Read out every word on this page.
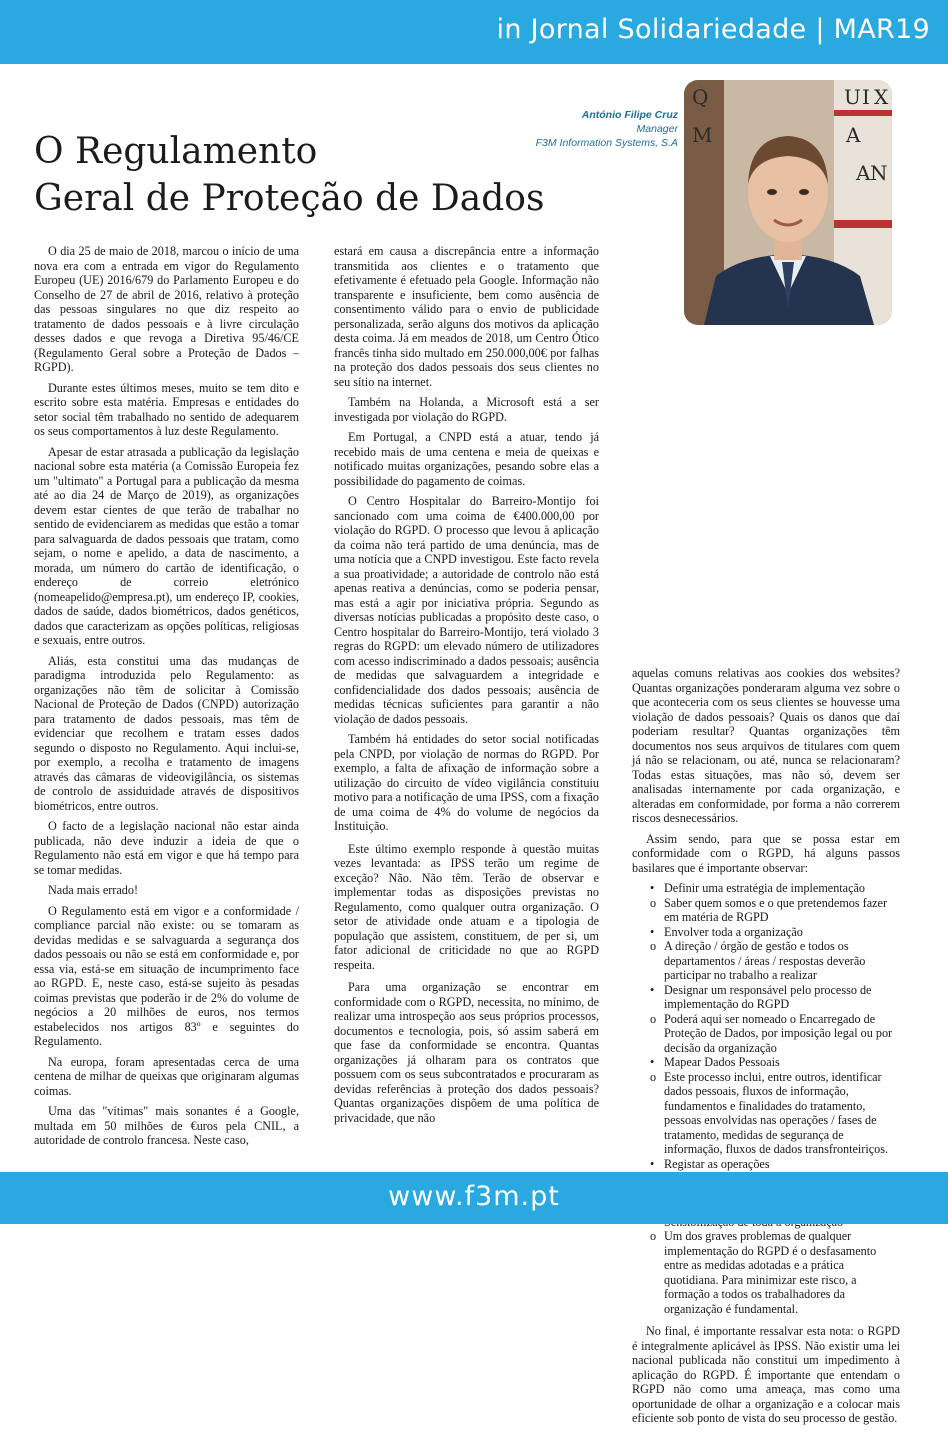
in Jornal Solidariedade | MAR19
O Regulamento
Geral de Proteção de Dados
António Filipe Cruz
Manager
F3M Information Systems, S.A
Q	U I X
A
M
A N

O dia 25 de maio de 2018, marcou o início de uma nova era com a entrada em vigor do Regulamento Europeu (UE) 2016/679 do Parlamento Europeu e do Conselho de 27 de abril de 2016, relativo à proteção das pessoas singulares no que diz respeito ao tratamento de dados pessoais e à livre circulação desses dados e que revoga a Diretiva 95/46/CE (Regulamento Geral sobre a Proteção de Dados – RGPD).

Durante estes últimos meses, muito se tem dito e escrito sobre esta matéria. Empresas e entidades do setor social têm trabalhado no sentido de adequarem os seus comportamentos à luz deste Regulamento.

Apesar de estar atrasada a publicação da legislação nacional sobre esta matéria (a Comissão Europeia fez um "ultimato" a Portugal para a publicação da mesma até ao dia 24 de Março de 2019), as organizações devem estar cientes de que terão de trabalhar no sentido de evidenciarem as medidas que estão a tomar para salvaguarda de dados pessoais que tratam, como sejam, o nome e apelido, a data de nascimento, a morada, um número do cartão de identificação, o endereço de correio eletrónico (nomeapelido@empresa.pt), um endereço IP, cookies, dados de saúde, dados biométricos, dados genéticos, dados que caracterizam as opções políticas, religiosas e sexuais, entre outros.

Aliás, esta constitui uma das mudanças de paradigma introduzida pelo Regulamento: as organizações não têm de solicitar à Comissão Nacional de Proteção de Dados (CNPD) autorização para tratamento de dados pessoais, mas têm de evidenciar que recolhem e tratam esses dados segundo o disposto no Regulamento. Aqui inclui-se, por exemplo, a recolha e tratamento de imagens através das câmaras de videovigilância, os sistemas de controlo de assiduidade através de dispositivos biométricos, entre outros.

O facto de a legislação nacional não estar ainda publicada, não deve induzir a ideia de que o Regulamento não está em vigor e que há tempo para se tomar medidas.

Nada mais errado!

O Regulamento está em vigor e a conformidade / compliance parcial não existe: ou se tomaram as devidas medidas e se salvaguarda a segurança dos dados pessoais ou não se está em conformidade e, por essa via, está-se em situação de incumprimento face ao RGPD. E, neste caso, está-se sujeito às pesadas coimas previstas que poderão ir de 2% do volume de negócios a 20 milhões de euros, nos termos estabelecidos nos artigos 83º e seguintes do Regulamento.

Na europa, foram apresentadas cerca de uma centena de milhar de queixas que originaram algumas coimas.

Uma das "vítimas" mais sonantes é a Google, multada em 50 milhões de €uros pela CNIL, a autoridade de controlo francesa. Neste caso,

estará em causa a discrepância entre a informação transmitida aos clientes e o tratamento que efetivamente é efetuado pela Google. Informação não transparente e insuficiente, bem como ausência de consentimento válido para o envio de publicidade personalizada, serão alguns dos motivos da aplicação desta coima. Já em meados de 2018, um Centro Ótico francês tinha sido multado em 250.000,00€ por falhas na proteção dos dados pessoais dos seus clientes no seu sítio na internet.

Também na Holanda, a Microsoft está a ser investigada por violação do RGPD.

Em Portugal, a CNPD está a atuar, tendo já recebido mais de uma centena e meia de queixas e notificado muitas organizações, pesando sobre elas a possibilidade do pagamento de coimas.

O Centro Hospitalar do Barreiro-Montijo foi sancionado com uma coima de €400.000,00 por violação do RGPD. O processo que levou à aplicação da coima não terá partido de uma denúncia, mas de uma notícia que a CNPD investigou. Este facto revela a sua proatividade; a autoridade de controlo não está apenas reativa a denúncias, como se poderia pensar, mas está a agir por iniciativa própria. Segundo as diversas notícias publicadas a propósito deste caso, o Centro hospitalar do Barreiro-Montijo, terá violado 3 regras do RGPD: um elevado número de utilizadores com acesso indiscriminado a dados pessoais; ausência de medidas que salvaguardem a integridade e confidencialidade dos dados pessoais; ausência de medidas técnicas suficientes para garantir a não violação de dados pessoais.

Também há entidades do setor social notificadas pela CNPD, por violação de normas do RGPD. Por exemplo, a falta de afixação de informação sobre a utilização do circuito de vídeo vigilância constituiu motivo para a notificação de uma IPSS, com a fixação de uma coima de 4% do volume de negócios da Instituição.

Este último exemplo responde à questão muitas vezes levantada: as IPSS terão um regime de exceção? Não. Não têm. Terão de observar e implementar todas as disposições previstas no Regulamento, como qualquer outra organização. O setor de atividade onde atuam e a tipologia de população que assistem, constituem, de per si, um fator adicional de criticidade no que ao RGPD respeita.

Para uma organização se encontrar em conformidade com o RGPD, necessita, no mínimo, de realizar uma introspeção aos seus próprios processos, documentos e tecnologia, pois, só assim saberá em que fase da conformidade se encontra. Quantas organizações já olharam para os contratos que possuem com os seus subcontratados e procuraram as devidas referências à proteção dos dados pessoais? Quantas organizações dispõem de uma política de privacidade, que não

aquelas comuns relativas aos cookies dos websites? Quantas organizações ponderaram alguma vez sobre o que aconteceria com os seus clientes se houvesse uma violação de dados pessoais? Quais os danos que daí poderiam resultar? Quantas organizações têm documentos nos seus arquivos de titulares com quem já não se relacionam, ou até, nunca se relacionaram? Todas estas situações, mas não só, devem ser analisadas internamente por cada organização, e alteradas em conformidade, por forma a não correrem riscos desnecessários.

Assim sendo, para que se possa estar em conformidade com o RGPD, há alguns passos basilares que é importante observar:

• Definir uma estratégia de implementação
o Saber quem somos e o que pretendemos fazer em matéria de RGPD
• Envolver toda a organização
o A direção / órgão de gestão e todos os departamentos / áreas / respostas deverão participar no trabalho a realizar
• Designar um responsável pelo processo de implementação do RGPD
o Poderá aqui ser nomeado o Encarregado de Proteção de Dados, por imposição legal ou por decisão da organização
• Mapear Dados Pessoais
o Este processo inclui, entre outros, identificar dados pessoais, fluxos de informação, fundamentos e finalidades do tratamento, pessoas envolvidas nas operações / fases de tratamento, medidas de segurança de informação, fluxos de dados transfronteiriços.
• Registar as operações
o Um dos graves problemas de qualquer implementação do RGPD é o desfasamento entre as medidas adotadas e a prática quotidiana. Para minimizar este risco, a formação a todos os trabalhadores da organização é fundamental.

No final, é importante ressalvar esta nota: o RGPD é integralmente aplicável às IPSS. Não existir uma lei nacional publicada não constitui um impedimento à aplicação do RGPD. É importante que entendam o RGPD não como uma ameaça, mas como uma oportunidade de olhar a organização e a colocar mais eficiente sob ponto de vista do seu processo de gestão.

www.f3m.pt
